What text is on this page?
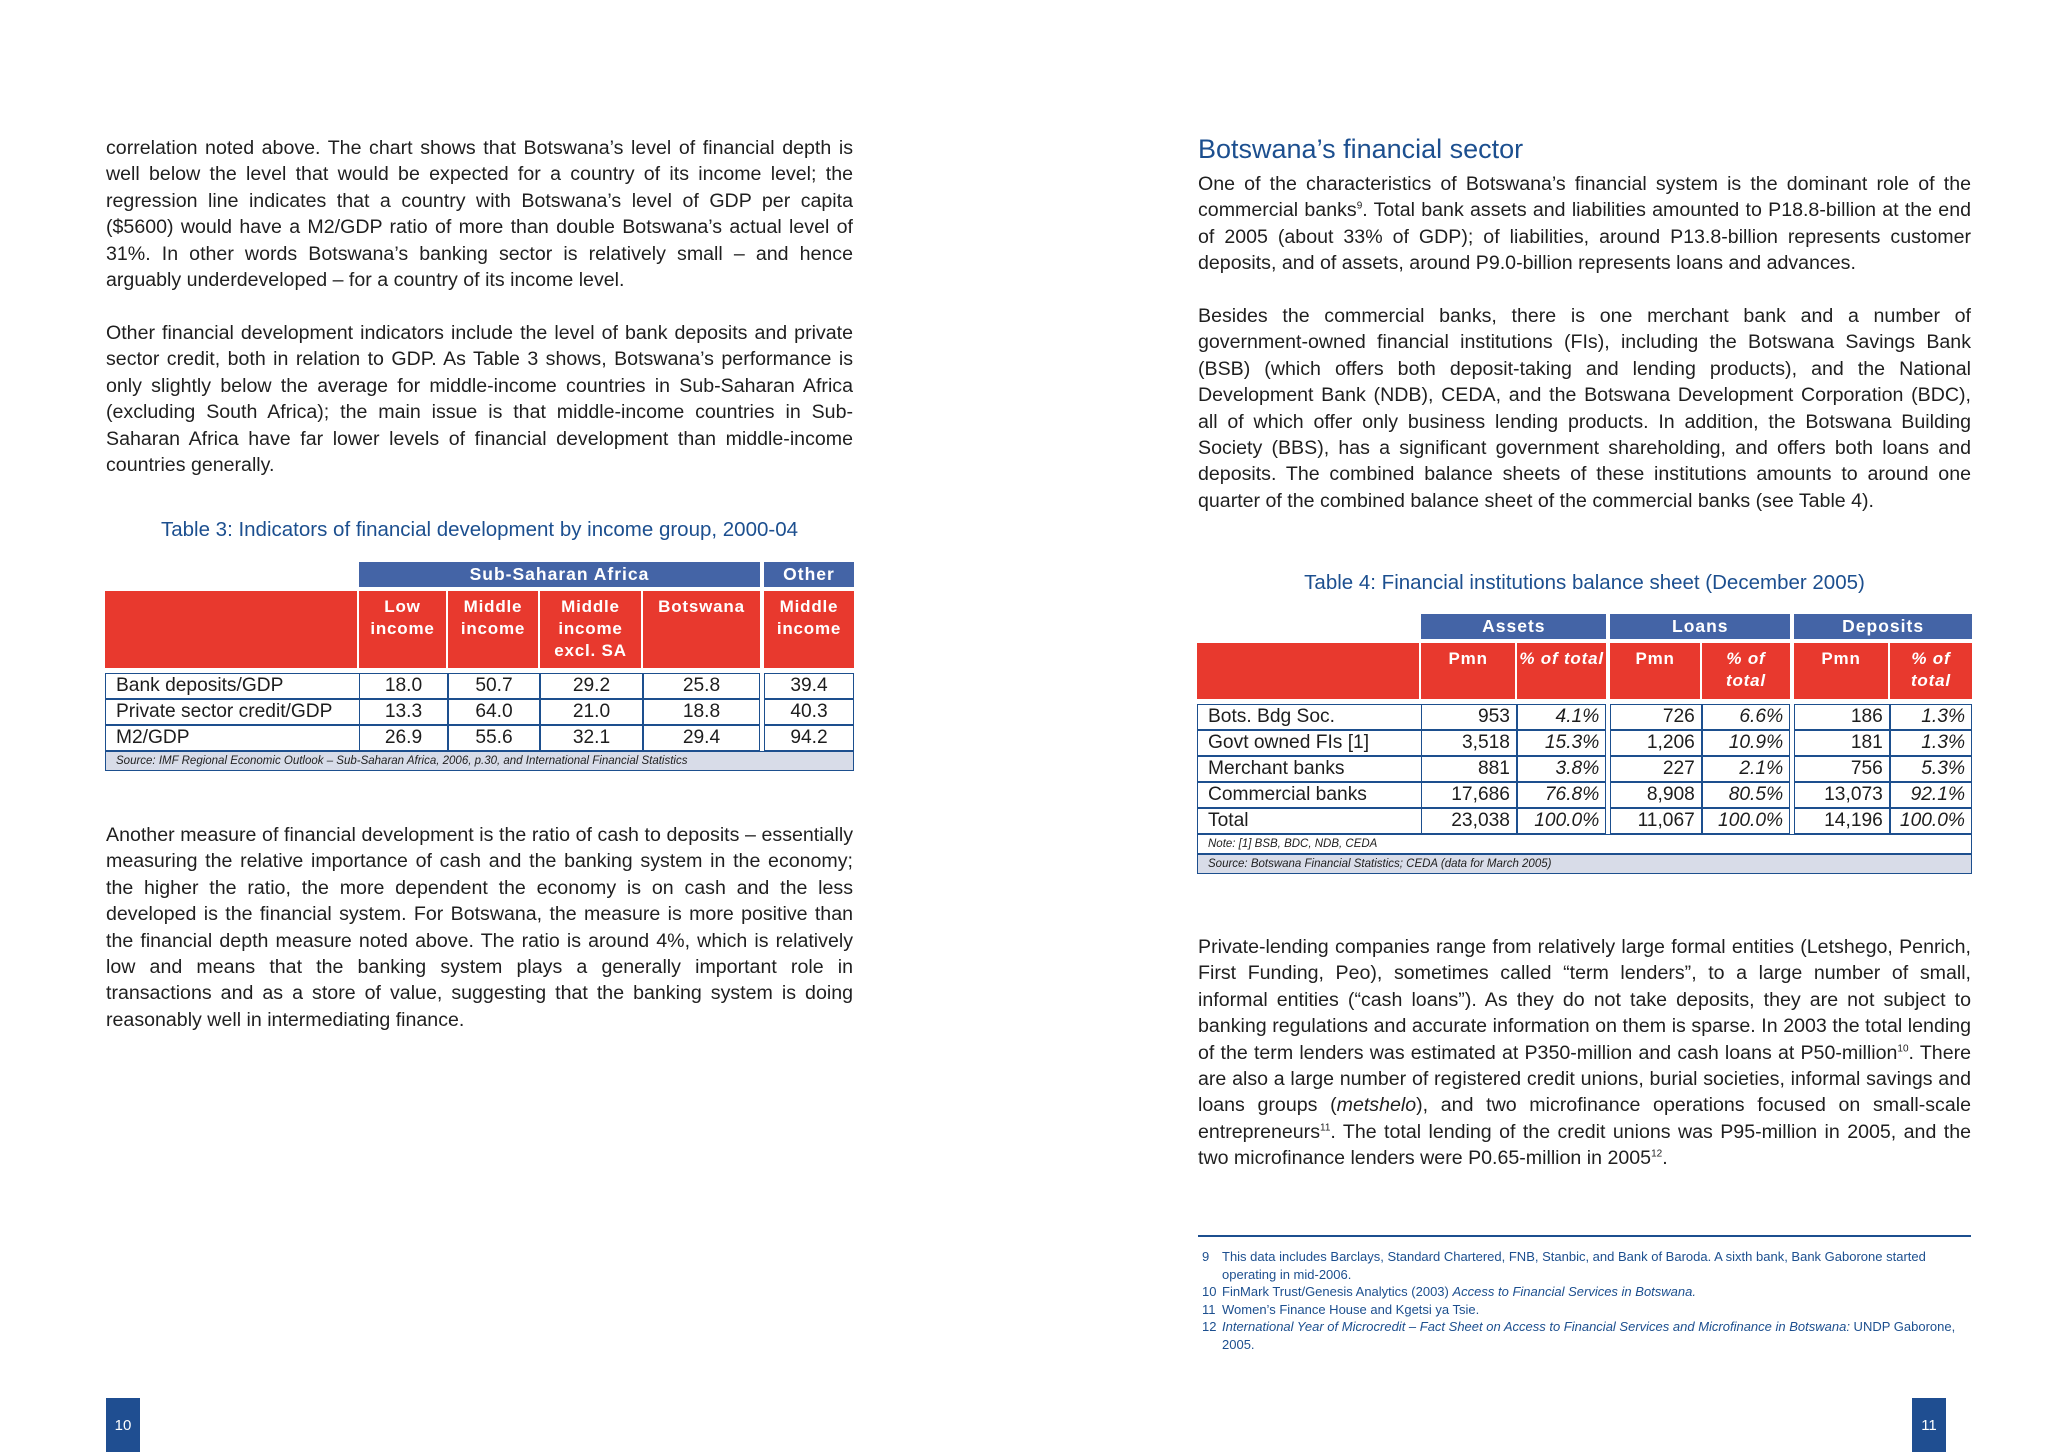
correlation noted above. The chart shows that Botswana’s level of financial depth is well below the level that would be expected for a country of its income level; the regression line indicates that a country with Botswana’s level of GDP per capita ($5600) would have a M2/GDP ratio of more than double Botswana’s actual level of 31%. In other words Botswana’s banking sector is relatively small – and hence arguably underdeveloped – for a country of its income level.

Other financial development indicators include the level of bank deposits and private sector credit, both in relation to GDP. As Table 3 shows, Botswana’s performance is only slightly below the average for middle-income countries in Sub-Saharan Africa (excluding South Africa); the main issue is that middle-income countries in Sub-Saharan Africa have far lower levels of financial development than middle-income countries generally.

Table 3: Indicators of financial development by income group, 2000-04

	Sub-Saharan Africa					Other

	Low income	Middle income	Middle income excl. SA	Botswana		Middle income

Bank deposits/GDP	18.0	50.7	29.2	25.8		39.4
Private sector credit/GDP	13.3	64.0	21.0	18.8		40.3
M2/GDP	26.9	55.6	32.1	29.4		94.2
Source: IMF Regional Economic Outlook – Sub-Saharan Africa, 2006, p.30, and International Financial Statistics						

Another measure of financial development is the ratio of cash to deposits – essentially measuring the relative importance of cash and the banking system in the economy; the higher the ratio, the more dependent the economy is on cash and the less developed is the financial system. For Botswana, the measure is more positive than the financial depth measure noted above. The ratio is around 4%, which is relatively low and means that the banking system plays a generally important role in transactions and as a store of value, suggesting that the banking system is doing reasonably well in intermediating finance.

10
Botswana’s financial sector

One of the characteristics of Botswana’s financial system is the dominant role of the commercial banks$^9$. Total bank assets and liabilities amounted to P18.8-billion at the end of 2005 (about 33% of GDP); of liabilities, around P13.8-billion represents customer deposits, and of assets, around P9.0-billion represents loans and advances.

Besides the commercial banks, there is one merchant bank and a number of government-owned financial institutions (FIs), including the Botswana Savings Bank (BSB) (which offers both deposit-taking and lending products), and the National Development Bank (NDB), CEDA, and the Botswana Development Corporation (BDC), all of which offer only business lending products. In addition, the Botswana Building Society (BBS), has a significant government shareholding, and offers both loans and deposits. The combined balance sheets of these institutions amounts to around one quarter of the combined balance sheet of the commercial banks (see Table 4).

Table 4: Financial institutions balance sheet (December 2005)

	Assets			Loans			Deposits	

	Pmn	% of total		Pmn	% of total		Pmn	% of total

Bots. Bdg Soc.	953	4.1%		726	6.6%		186	1.3%
Govt owned FIs [1]	3,518	15.3%		1,206	10.9%		181	1.3%
Merchant banks	881	3.8%		227	2.1%		756	5.3%
Commercial banks	17,686	76.8%		8,908	80.5%		13,073	92.1%
Total	23,038	100.0%		11,067	100.0%		14,196	100.0%
Note: [1] BSB, BDC, NDB, CEDA								
Source: Botswana Financial Statistics; CEDA (data for March 2005)								

Private-lending companies range from relatively large formal entities (Letshego, Penrich, First Funding, Peo), sometimes called “term lenders”, to a large number of small, informal entities (“cash loans”). As they do not take deposits, they are not subject to banking regulations and accurate information on them is sparse. In 2003 the total lending of the term lenders was estimated at P350-million and cash loans at P50-million$^{10}$. There are also a large number of registered credit unions, burial societies, informal savings and loans groups (metshelo), and two microfinance operations focused on small-scale entrepreneurs$^{11}$. The total lending of the credit unions was P95-million in 2005, and the two microfinance lenders were P0.65-million in 2005$^{12}$.

9 This data includes Barclays, Standard Chartered, FNB, Stanbic, and Bank of Baroda. A sixth bank, Bank Gaborone started operating in mid-2006.
10 FinMark Trust/Genesis Analytics (2003) Access to Financial Services in Botswana.
11 Women’s Finance House and Kgetsi ya Tsie.
12 International Year of Microcredit – Fact Sheet on Access to Financial Services and Microfinance in Botswana: UNDP Gaborone, 2005.
11
